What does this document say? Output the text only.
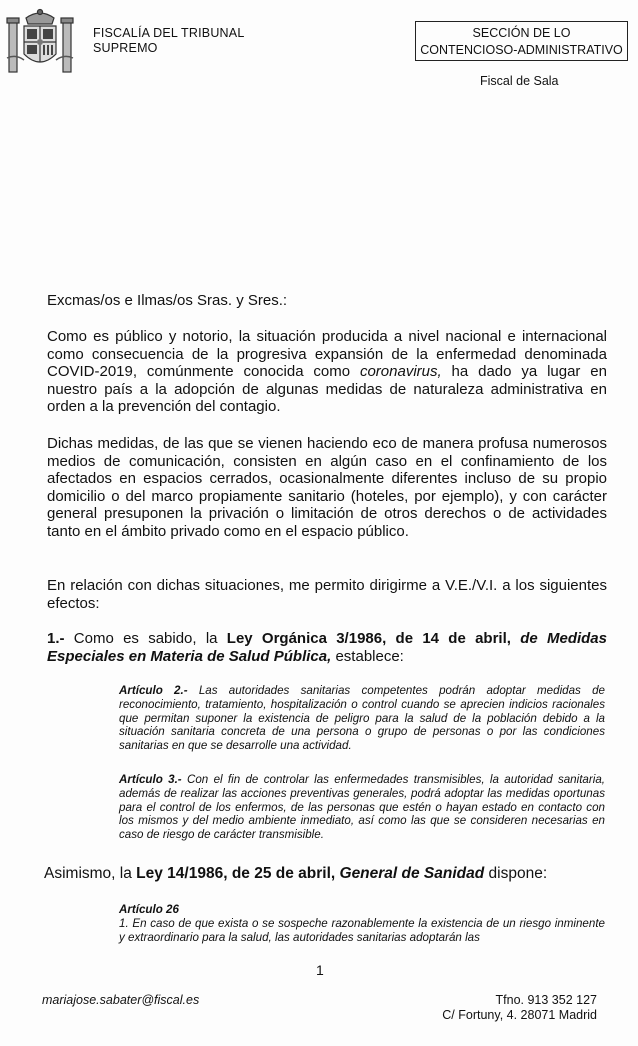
FISCALÍA DEL TRIBUNAL
SUPREMO
SECCIÓN DE LO
CONTENCIOSO-ADMINISTRATIVO
Fiscal de Sala

Excmas/os e Ilmas/os Sras. y Sres.:

Como es público y notorio, la situación producida a nivel nacional e internacional como consecuencia de la progresiva expansión de la enfermedad denominada COVID-2019, comúnmente conocida como coronavirus, ha dado ya lugar en nuestro país a la adopción de algunas medidas de naturaleza administrativa en orden a la prevención del contagio.

Dichas medidas, de las que se vienen haciendo eco de manera profusa numerosos medios de comunicación, consisten en algún caso en el confinamiento de los afectados en espacios cerrados, ocasionalmente diferentes incluso de su propio domicilio o del marco propiamente sanitario (hoteles, por ejemplo), y con carácter general presuponen la privación o limitación de otros derechos o de actividades tanto en el ámbito privado como en el espacio público.

En relación con dichas situaciones, me permito dirigirme a V.E./V.I. a los siguientes efectos:

1.- Como es sabido, la Ley Orgánica 3/1986, de 14 de abril, de Medidas Especiales en Materia de Salud Pública, establece:

Artículo 2.- Las autoridades sanitarias competentes podrán adoptar medidas de reconocimiento, tratamiento, hospitalización o control cuando se aprecien indicios racionales que permitan suponer la existencia de peligro para la salud de la población debido a la situación sanitaria concreta de una persona o grupo de personas o por las condiciones sanitarias en que se desarrolle una actividad.

Artículo 3.- Con el fin de controlar las enfermedades transmisibles, la autoridad sanitaria, además de realizar las acciones preventivas generales, podrá adoptar las medidas oportunas para el control de los enfermos, de las personas que estén o hayan estado en contacto con los mismos y del medio ambiente inmediato, así como las que se consideren necesarias en caso de riesgo de carácter transmisible.

Asimismo, la Ley 14/1986, de 25 de abril, General de Sanidad dispone:

Artículo 26
1. En caso de que exista o se sospeche razonablemente la existencia de un riesgo inminente y extraordinario para la salud, las autoridades sanitarias adoptarán las

1
mariajose.sabater@fiscal.es	Tfno. 913 352 127
C/ Fortuny, 4. 28071 Madrid
